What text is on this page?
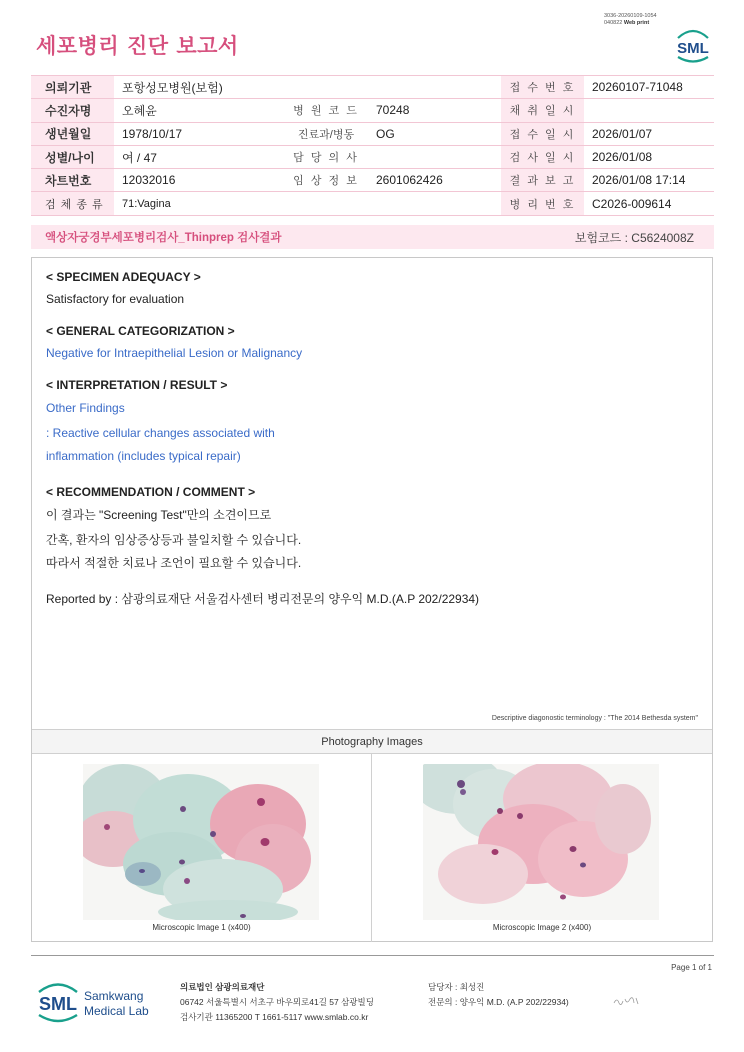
3036-20260109-1054
040822 Web print
세포병리 진단 보고서	SML
의뢰기관	포항성모병원(보험)			접 수 번 호	20260107-71048
수진자명	오혜윤	병 원 코 드	70248	채 취 일 시	
생년월일	1978/10/17	진료과/병동	OG	접 수 일 시	2026/01/07
성별/나이	여 / 47	담 당 의 사		검 사 일 시	2026/01/08
차트번호	12032016	임 상 정 보	2601062426	결 과 보 고	2026/01/08 17:14
검 체 종 류	71:Vagina			병 리 번 호	C2026-009614
액상자궁경부세포병리검사_Thinprep 검사결과	보험코드 : C5624008Z
< SPECIMEN ADEQUACY >
Satisfactory for evaluation
< GENERAL CATEGORIZATION >
Negative for Intraepithelial Lesion or Malignancy
< INTERPRETATION / RESULT >
Other Findings
: Reactive cellular changes associated with
inflammation (includes typical repair)
< RECOMMENDATION / COMMENT >
이 결과는 "Screening Test"만의 소견이므로
간혹, 환자의 임상증상등과 불일치할 수 있습니다.
따라서 적절한 치료나 조언이 필요할 수 있습니다.
Reported by : 삼광의료재단 서울검사센터 병리전문의 양우익 M.D.(A.P 202/22934)
Descriptive diagonostic terminology : "The 2014 Bethesda system"
Photography Images
Microscopic Image 1 (x400)	Microscopic Image 2 (x400)
Page 1 of 1
SML Samkwang
Medical Lab
의료법인 삼광의료재단
06742 서울특별시 서초구 바우뫼로41길 57 삼광빌딩
검사기관 11365200 T 1661-5117 www.smlab.co.kr
담당자 : 최성진
전문의 : 양우익 M.D. (A.P 202/22934)
